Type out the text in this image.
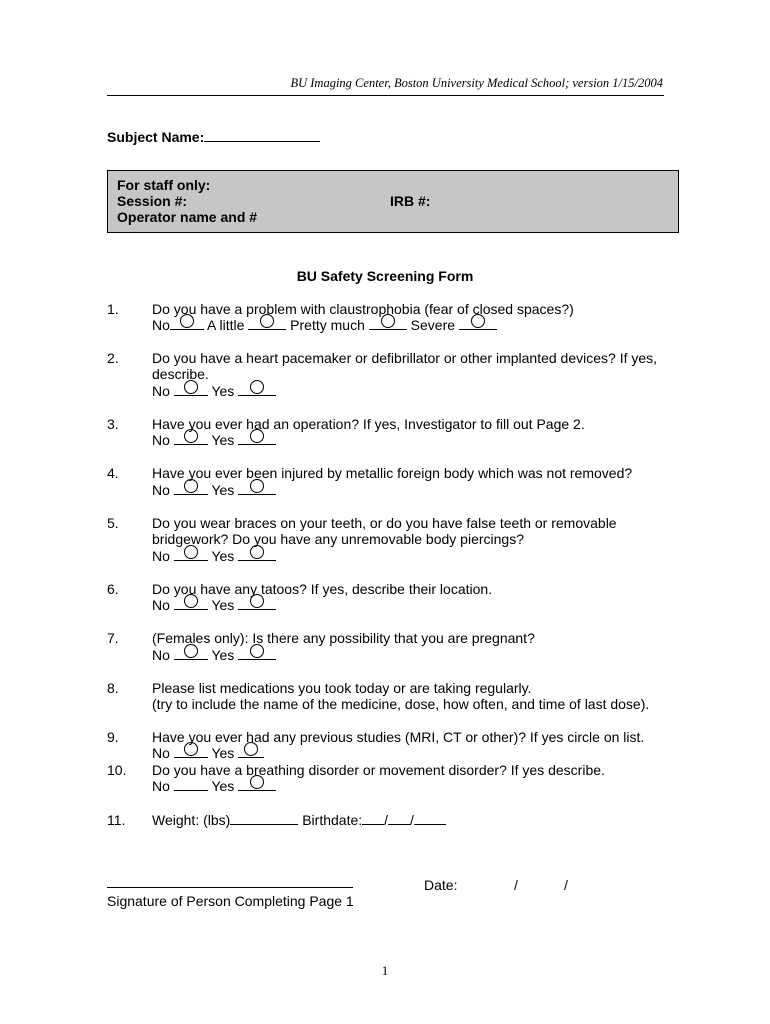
BU Imaging Center, Boston University Medical School; version 1/15/2004
Subject Name:
For staff only:
Session #:	IRB #:
Operator name and #
BU Safety Screening Form
1. Do you have a problem with claustrophobia (fear of closed spaces?)
No	A little	Pretty much	Severe
2. Do you have a heart pacemaker or defibrillator or other implanted devices? If yes,
describe.
No	Yes
3. Have you ever had an operation? If yes, Investigator to fill out Page 2.
No	Yes
4. Have you ever been injured by metallic foreign body which was not removed?
No	Yes
5. Do you wear braces on your teeth, or do you have false teeth or removable
bridgework? Do you have any unremovable body piercings?
No	Yes
6. Do you have any tatoos? If yes, describe their location.
No	Yes
7. (Females only): Is there any possibility that you are pregnant?
No	Yes
8. Please list medications you took today or are taking regularly.
(try to include the name of the medicine, dose, how often, and time of last dose).
9. Have you ever had any previous studies (MRI, CT or other)? If yes circle on list.
No	Yes
10. Do you have a breathing disorder or movement disorder? If yes describe.
No	Yes
11. Weight: (lbs)	Birthdate: / /
Signature of Person Completing Page 1
Date:	/	/
1
